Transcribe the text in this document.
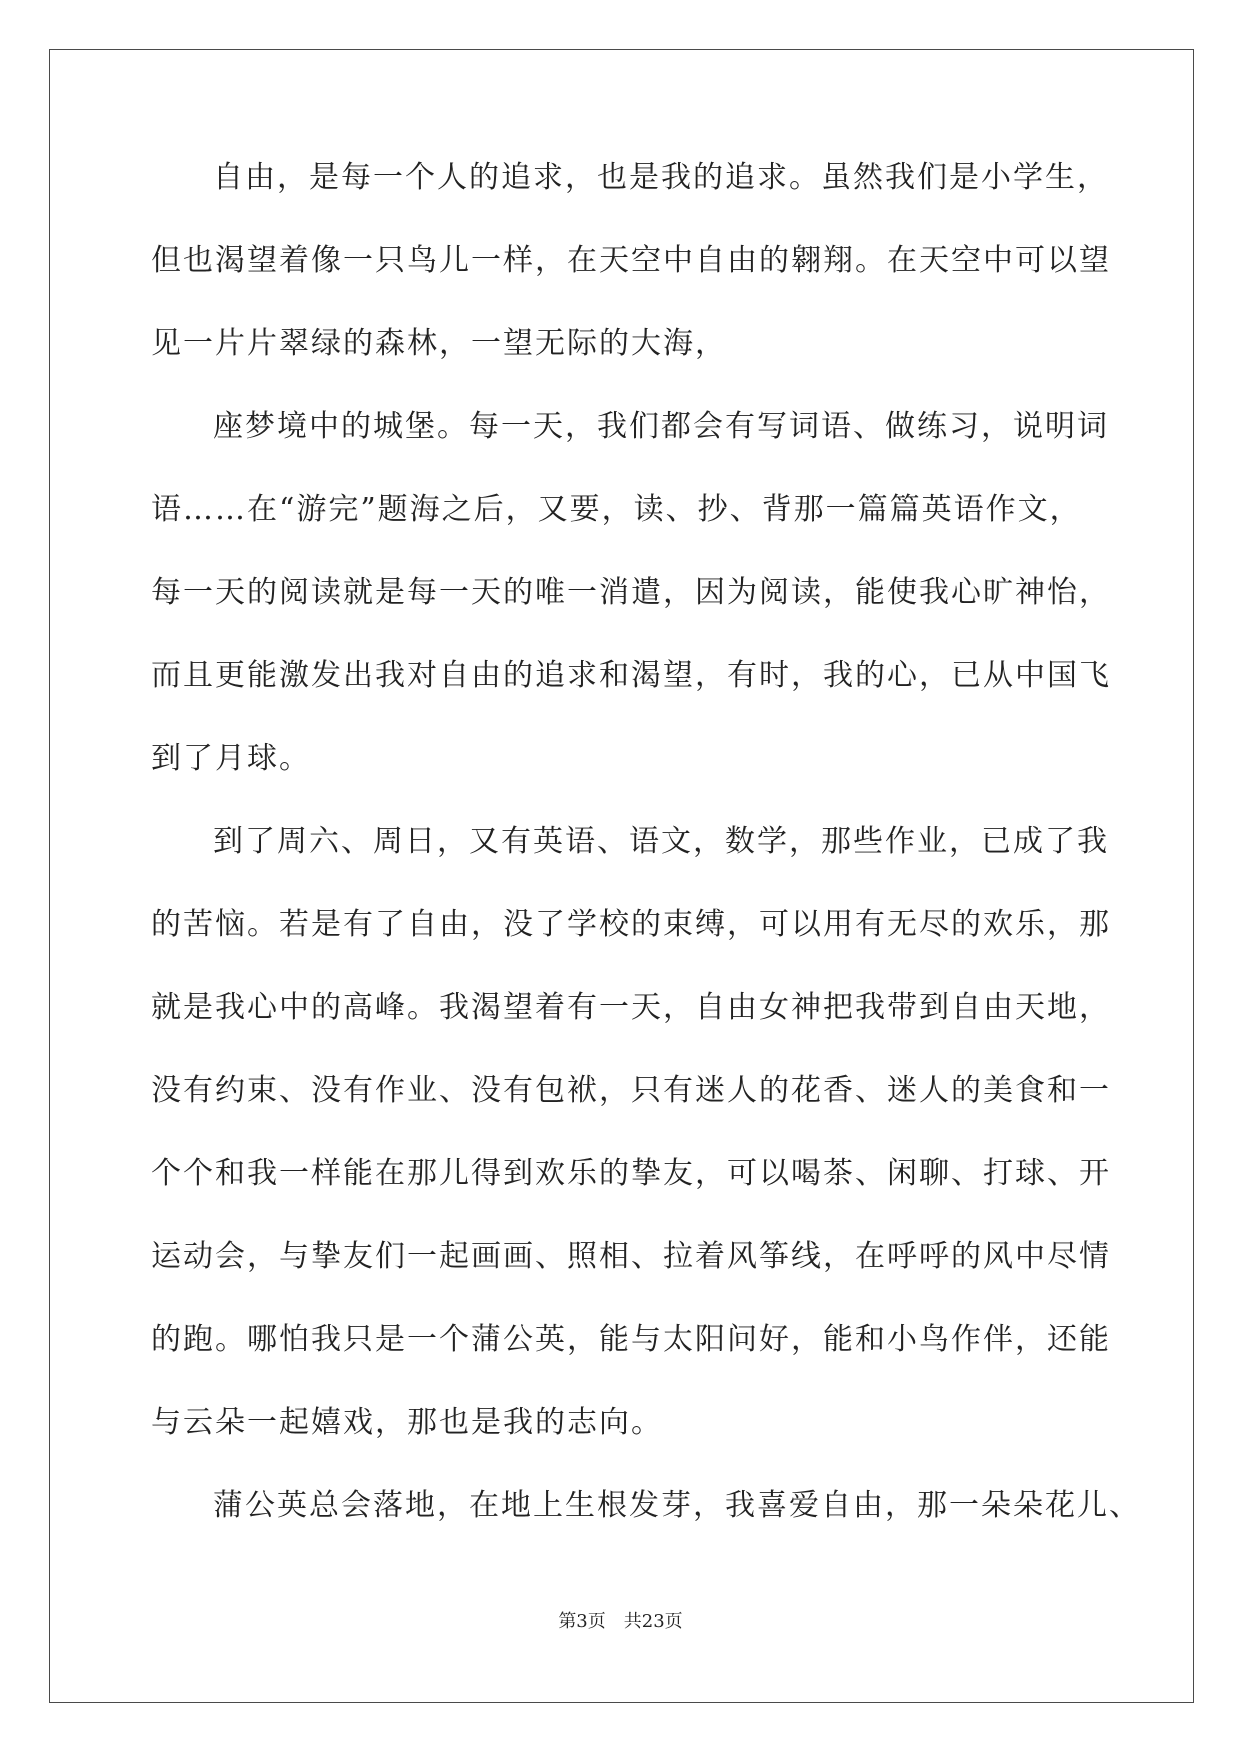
自由，是每一个人的追求，也是我的追求。虽然我们是小学生，
但也渴望着像一只鸟儿一样，在天空中自由的翱翔。在天空中可以望
见一片片翠绿的森林，一望无际的大海，
座梦境中的城堡。每一天，我们都会有写词语、做练习，说明词
语……在“游完”题海之后，又要，读、抄、背那一篇篇英语作文，
每一天的阅读就是每一天的唯一消遣，因为阅读，能使我心旷神怡，
而且更能激发出我对自由的追求和渴望，有时，我的心，已从中国飞
到了月球。
到了周六、周日，又有英语、语文，数学，那些作业，已成了我
的苦恼。若是有了自由，没了学校的束缚，可以用有无尽的欢乐，那
就是我心中的高峰。我渴望着有一天，自由女神把我带到自由天地，
没有约束、没有作业、没有包袱，只有迷人的花香、迷人的美食和一
个个和我一样能在那儿得到欢乐的挚友，可以喝茶、闲聊、打球、开
运动会，与挚友们一起画画、照相、拉着风筝线，在呼呼的风中尽情
的跑。哪怕我只是一个蒲公英，能与太阳问好，能和小鸟作伴，还能
与云朵一起嬉戏，那也是我的志向。
蒲公英总会落地，在地上生根发芽，我喜爱自由，那一朵朵花儿、
第3页 共23页
